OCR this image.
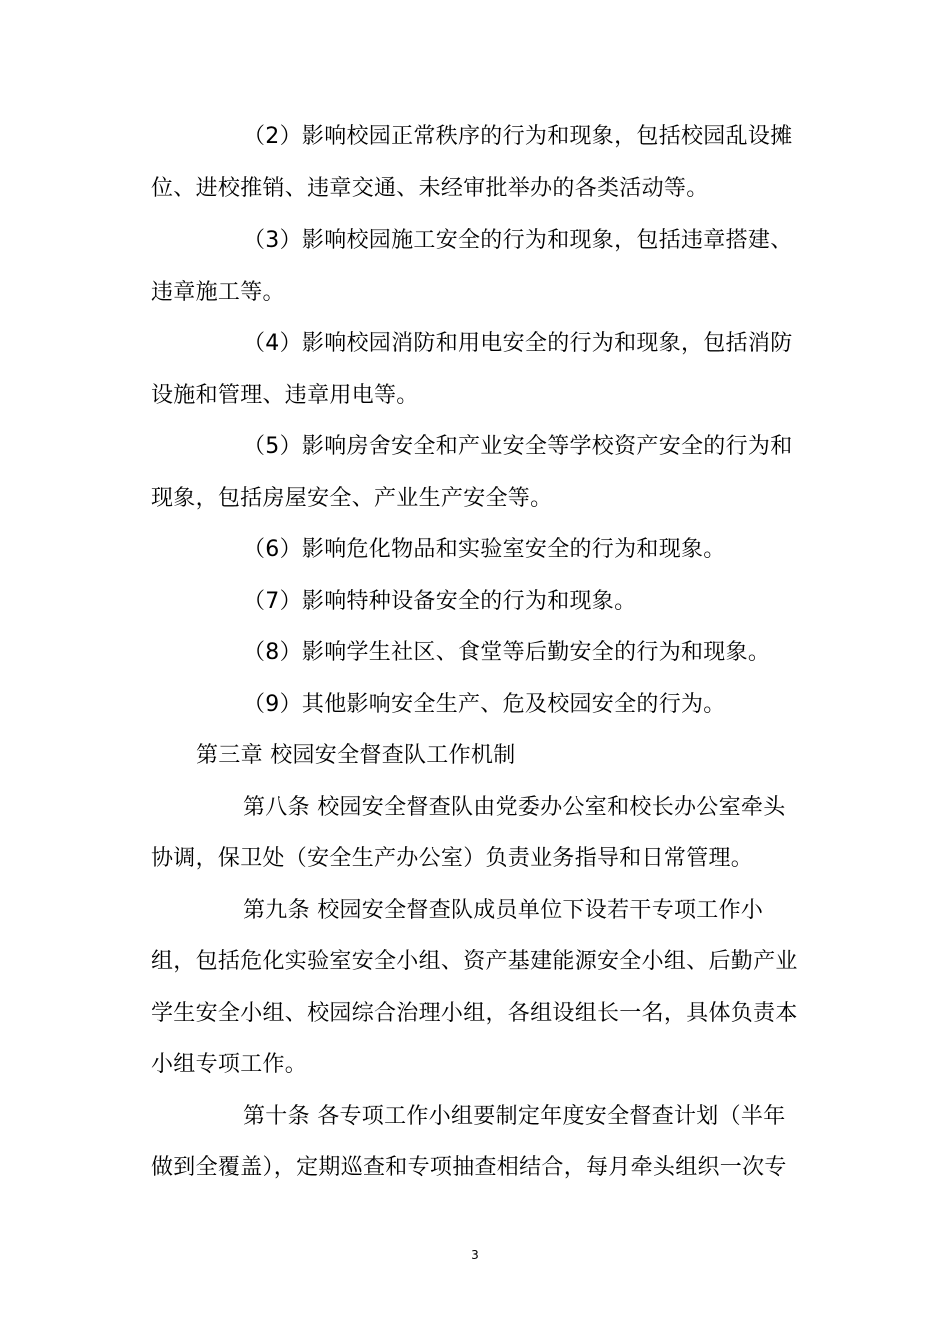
（2）影响校园正常秩序的行为和现象，包括校园乱设摊
位、进校推销、违章交通、未经审批举办的各类活动等。
（3）影响校园施工安全的行为和现象，包括违章搭建、
违章施工等。
（4）影响校园消防和用电安全的行为和现象，包括消防
设施和管理、违章用电等。
（5）影响房舍安全和产业安全等学校资产安全的行为和
现象，包括房屋安全、产业生产安全等。
（6）影响危化物品和实验室安全的行为和现象。
（7）影响特种设备安全的行为和现象。
（8）影响学生社区、食堂等后勤安全的行为和现象。
（9）其他影响安全生产、危及校园安全的行为。
第三章 校园安全督查队工作机制
第八条 校园安全督查队由党委办公室和校长办公室牵头
协调，保卫处（安全生产办公室）负责业务指导和日常管理。
第九条 校园安全督查队成员单位下设若干专项工作小
组，包括危化实验室安全小组、资产基建能源安全小组、后勤产业
学生安全小组、校园综合治理小组，各组设组长一名，具体负责本
小组专项工作。
第十条 各专项工作小组要制定年度安全督查计划（半年
做到全覆盖），定期巡查和专项抽查相结合，每月牵头组织一次专
3
